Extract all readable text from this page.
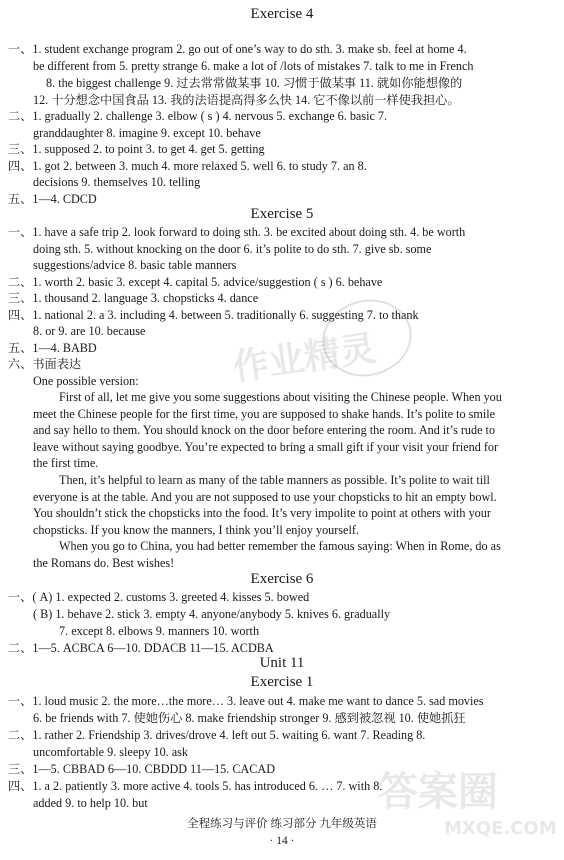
Exercise 4
一、1. student exchange program 2. go out of one’s way to do sth. 3. make sb. feel at home 4.
be different from 5. pretty strange 6. make a lot of /lots of mistakes 7. talk to me in French
8. the biggest challenge 9. 过去常常做某事 10. 习惯于做某事 11. 就如你能想像的
12. 十分想念中国食品 13. 我的法语提高得多么快 14. 它不像以前一样使我担心。
二、1. gradually 2. challenge 3. elbow ( s ) 4. nervous 5. exchange 6. basic 7.
granddaughter 8. imagine 9. except 10. behave
三、1. supposed 2. to point 3. to get 4. get 5. getting
四、1. got 2. between 3. much 4. more relaxed 5. well 6. to study 7. an 8.
decisions 9. themselves 10. telling
五、1—4. CDCD
Exercise 5
一、1. have a safe trip 2. look forward to doing sth. 3. be excited about doing sth. 4. be worth
doing sth. 5. without knocking on the door 6. it’s polite to do sth. 7. give sb. some
suggestions/advice 8. basic table manners
二、1. worth 2. basic 3. except 4. capital 5. advice/suggestion ( s ) 6. behave
三、1. thousand 2. language 3. chopsticks 4. dance
四、1. national 2. a 3. including 4. between 5. traditionally 6. suggesting 7. to thank
8. or 9. are 10. because
五、1—4. BABD
六、书面表达
One possible version:
First of all, let me give you some suggestions about visiting the Chinese people. When you
meet the Chinese people for the first time, you are supposed to shake hands. It’s polite to smile
and say hello to them. You should knock on the door before entering the room. And it’s rude to
leave without saying goodbye. You’re expected to bring a small gift if your visit your friend for
the first time.
Then, it’s helpful to learn as many of the table manners as possible. It’s polite to wait till
everyone is at the table. And you are not supposed to use your chopsticks to hit an empty bowl.
You shouldn’t stick the chopsticks into the food. It’s very impolite to point at others with your
chopsticks. If you know the manners, I think you’ll enjoy yourself.
When you go to China, you had better remember the famous saying: When in Rome, do as
the Romans do. Best wishes!
Exercise 6
一、( A) 1. expected 2. customs 3. greeted 4. kisses 5. bowed
( B) 1. behave 2. stick 3. empty 4. anyone/anybody 5. knives 6. gradually
7. except 8. elbows 9. manners 10. worth
二、1—5. ACBCA 6—10. DDACB 11—15. ACDBA
Unit 11
Exercise 1
一、1. loud music 2. the more…the more… 3. leave out 4. make me want to dance 5. sad movies
6. be friends with 7. 使她伤心 8. make friendship stronger 9. 感到被忽视 10. 使她抓狂
二、1. rather 2. Friendship 3. drives/drove 4. left out 5. waiting 6. want 7. Reading 8.
uncomfortable 9. sleepy 10. ask
三、1—5. CBBAD 6—10. CBDDD 11—15. CACAD
四、1. a 2. patiently 3. more active 4. tools 5. has introduced 6. … 7. with 8.
added 9. to help 10. but
全程练习与评价 练习部分 九年级英语
· 14 ·
作业精灵
答案圈
MXQE.COM
